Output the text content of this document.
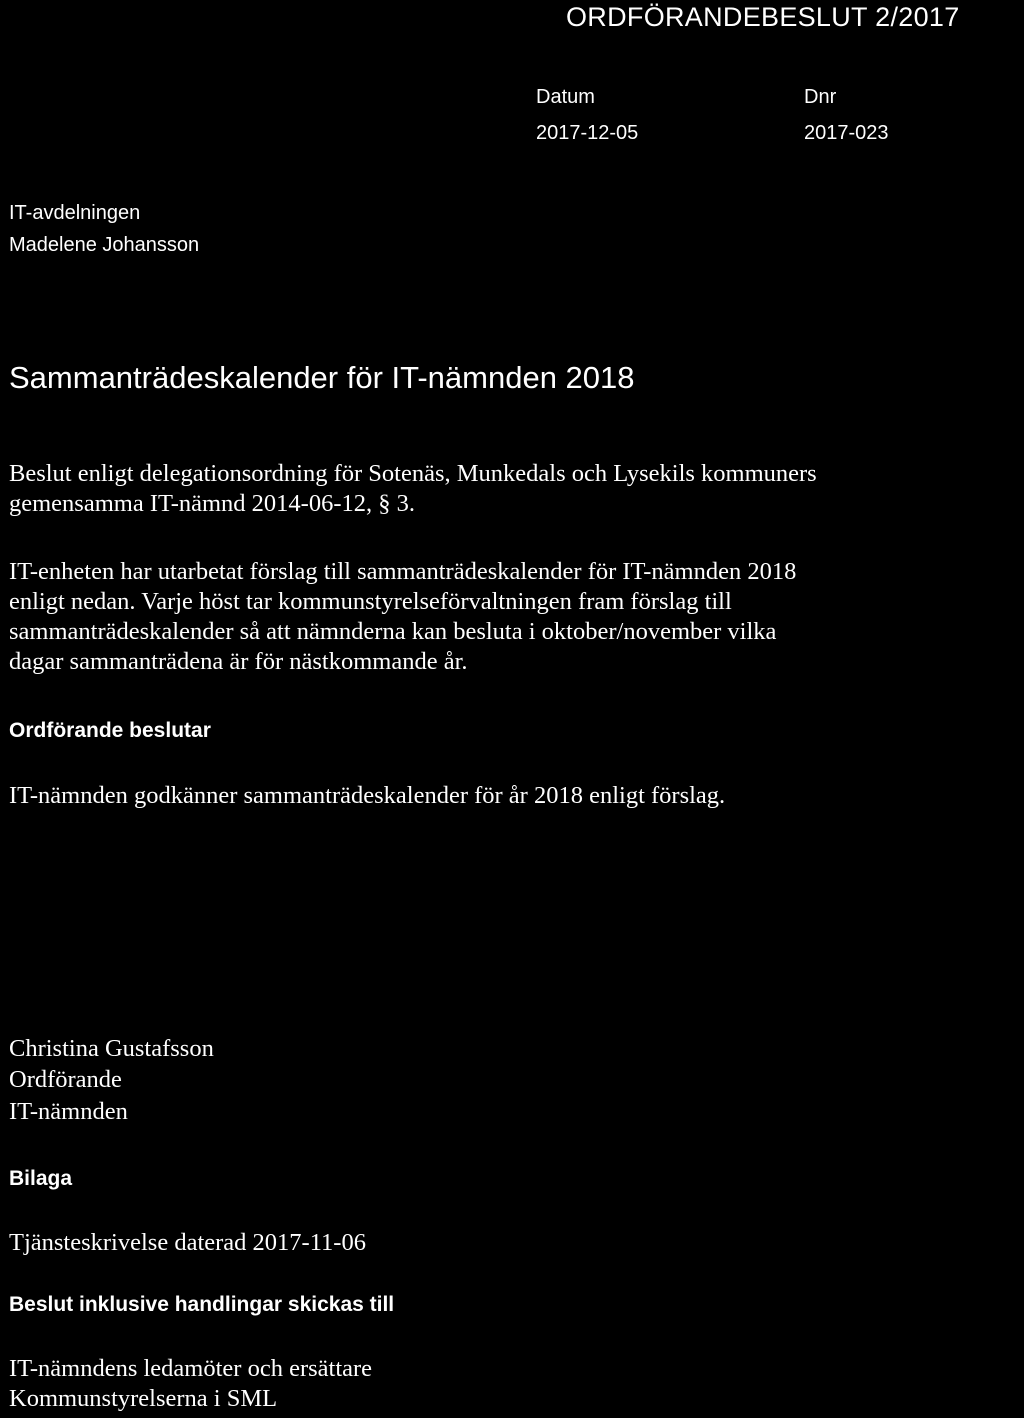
ORDFÖRANDEBESLUT 2/2017
Datum
2017-12-05
Dnr
2017-023
IT-avdelningen
Madelene Johansson
Sammanträdeskalender för IT-nämnden 2018
Beslut enligt delegationsordning för Sotenäs, Munkedals och Lysekils kommuners
gemensamma IT-nämnd 2014-06-12, § 3.
IT-enheten har utarbetat förslag till sammanträdeskalender för IT-nämnden 2018
enligt nedan. Varje höst tar kommunstyrelseförvaltningen fram förslag till
sammanträdeskalender så att nämnderna kan besluta i oktober/november vilka
dagar sammanträdena är för nästkommande år.
Ordförande beslutar
IT-nämnden godkänner sammanträdeskalender för år 2018 enligt förslag.
Christina Gustafsson
Ordförande
IT-nämnden
Bilaga
Tjänsteskrivelse daterad 2017-11-06
Beslut inklusive handlingar skickas till
IT-nämndens ledamöter och ersättare
Kommunstyrelserna i SML
